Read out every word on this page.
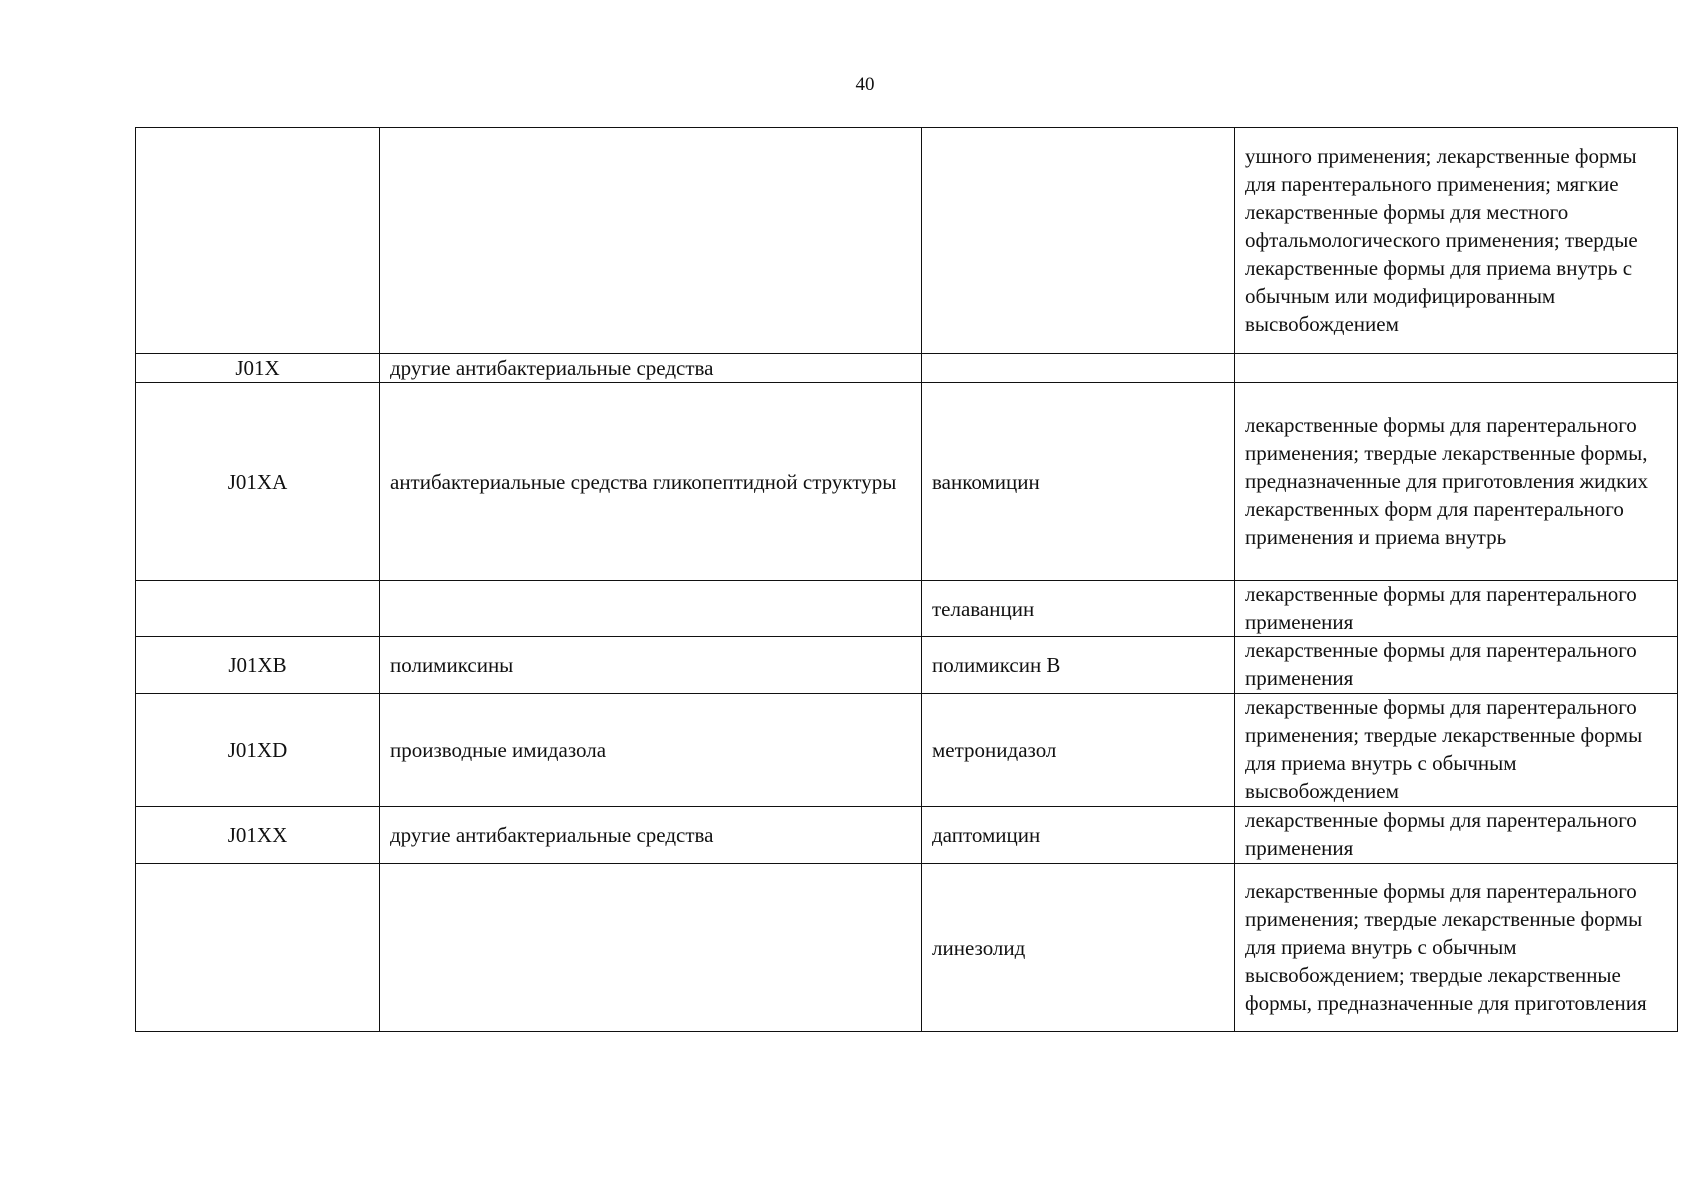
40

			ушного применения; лекарственные формы для парентерального применения; мягкие лекарственные формы для местного офтальмологического применения; твердые лекарственные формы для приема внутрь с обычным или модифицированным высвобождением

J01X	другие антибактериальные средства		

J01XA	антибактериальные средства гликопептидной структуры	ванкомицин	лекарственные формы для парентерального применения; твердые лекарственные формы, предназначенные для приготовления жидких лекарственных форм для парентерального применения и приема внутрь

		телаванцин	лекарственные формы для парентерального применения

J01XB	полимиксины	полимиксин В	лекарственные формы для парентерального применения

J01XD	производные имидазола	метронидазол	лекарственные формы для парентерального применения; твердые лекарственные формы для приема внутрь с обычным высвобождением

J01XX	другие антибактериальные средства	даптомицин	лекарственные формы для парентерального применения

		линезолид	лекарственные формы для парентерального применения; твердые лекарственные формы для приема внутрь с обычным высвобождением; твердые лекарственные формы, предназначенные для приготовления
